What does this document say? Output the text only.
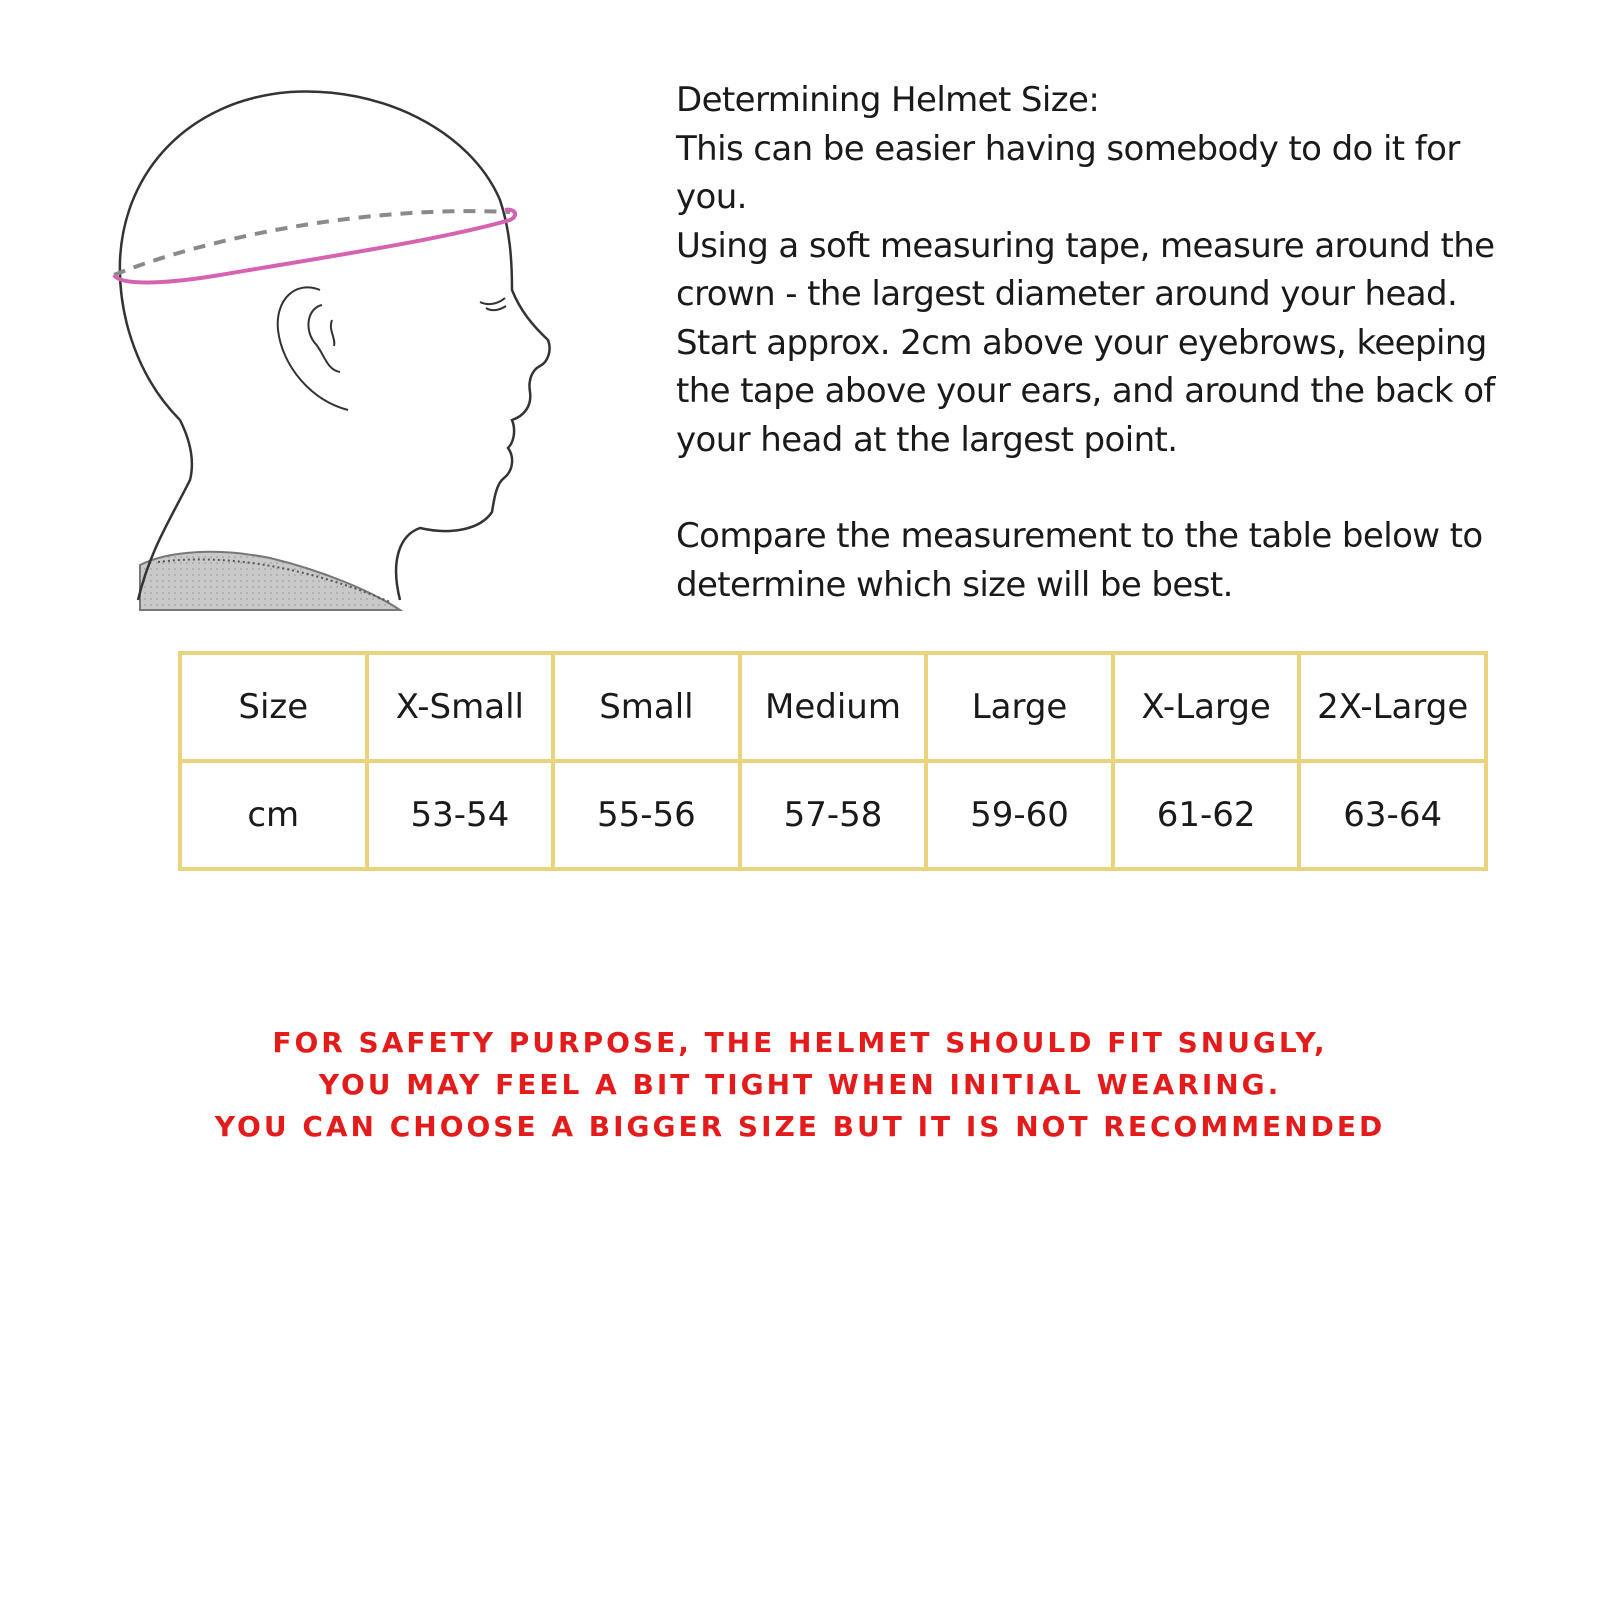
Determining Helmet Size:

This can be easier having somebody to do it for you.

Using a soft measuring tape, measure around the crown - the largest diameter around your head.

Start approx. 2cm above your eyebrows, keeping the tape above your ears, and around the back of your head at the largest point.

Compare the measurement to the table below to determine which size will be best.

Size	X-Small	Small	Medium	Large	X-Large	2X-Large
cm	53-54	55-56	57-58	59-60	61-62	63-64
FOR SAFETY PURPOSE, THE HELMET SHOULD FIT SNUGLY,
YOU MAY FEEL A BIT TIGHT WHEN INITIAL WEARING.
YOU CAN CHOOSE A BIGGER SIZE BUT IT IS NOT RECOMMENDED
